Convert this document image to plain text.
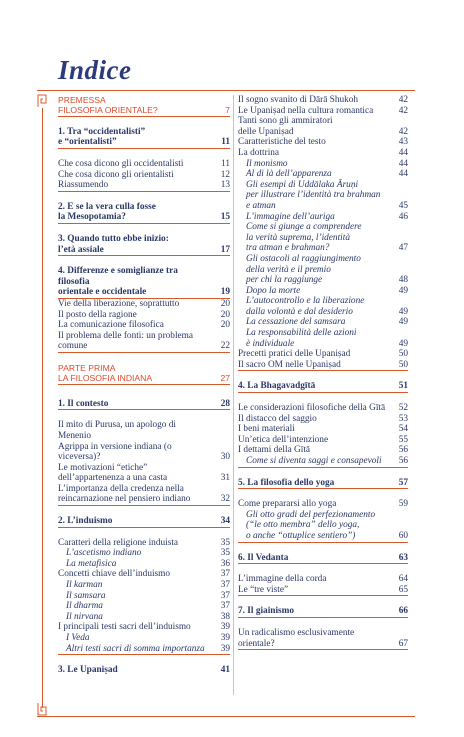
Indice
PREMESSA
FILOSOFIA ORIENTALE?	7
1. Tra “occidentalisti”
e “orientalisti”	11
Che cosa dicono gli occidentalisti	11
Che cosa dicono gli orientalisti	12
Riassumendo	13
2. E se la vera culla fosse
la Mesopotamia?	15
3. Quando tutto ebbe inizio:
l’età assiale	17
4. Differenze e somiglianze tra filosofia
orientale e occidentale	19
Vie della liberazione, soprattutto	20
Il posto della ragione	20
La comunicazione filosofica	20
Il problema delle fonti: un problema
comune	22
PARTE PRIMA
LA FILOSOFIA INDIANA	27
1. Il contesto	28
Il mito di Purusa, un apologo di Menenio
Agrippa in versione indiana (o
viceversa)?	30
Le motivazioni “etiche”
dell’appartenenza a una casta	31
L’importanza della credenza nella
reincarnazione nel pensiero indiano	32
2. L’induismo	34
Caratteri della religione induista	35
L’ascetismo indiano	35
La metafisica	36
Concetti chiave dell’induismo	37
Il karman	37
Il samsara	37
Il dharma	37
Il nirvana	38
I principali testi sacri dell’induismo	39
I Veda	39
Altri testi sacri di somma importanza 39
3. Le Upaniṣad	41
Il sogno svanito di Dārā Shukoh	42
Le Upaniṣad nella cultura romantica	42
Tanti sono gli ammiratori
delle Upaniṣad	42
Caratteristiche del testo	43
La dottrina	44
Il monismo	44
Al di là dell’apparenza	44
Gli esempi di Uddālaka Āruṇi
per illustrare l’identità tra brahman
e atman	45
L’immagine dell’auriga	46
Come si giunge a comprendere
la verità suprema, l’identità
tra atman e brahman?	47
Gli ostacoli al raggiungimento
della verità e il premio
per chi la raggiunge	48
Dopo la morte	49
L’autocontrollo e la liberazione
dalla volontà e dal desiderio	49
La cessazione del samsara	49
La responsabilità delle azioni
è individuale	49
Precetti pratici delle Upaniṣad	50
Il sacro OM nelle Upaniṣad	50
4. La Bhagavadgītā	51
Le considerazioni filosofiche della Gītā 52
Il distacco del saggio	53
I beni materiali	54
Un’etica dell’intenzione	55
I dettami della Gītā	56
Come si diventa saggi e consapevoli 56
5. La filosofia dello yoga	57
Come prepararsi allo yoga	59
Gli otto gradi del perfezionamento
(“le otto membra” dello yoga,
o anche “ottuplice sentiero”)	60
6. Il Vedanta	63
L’immagine della corda	64
Le “tre viste”	65
7. Il giainismo	66
Un radicalismo esclusivamente
orientale?	67
